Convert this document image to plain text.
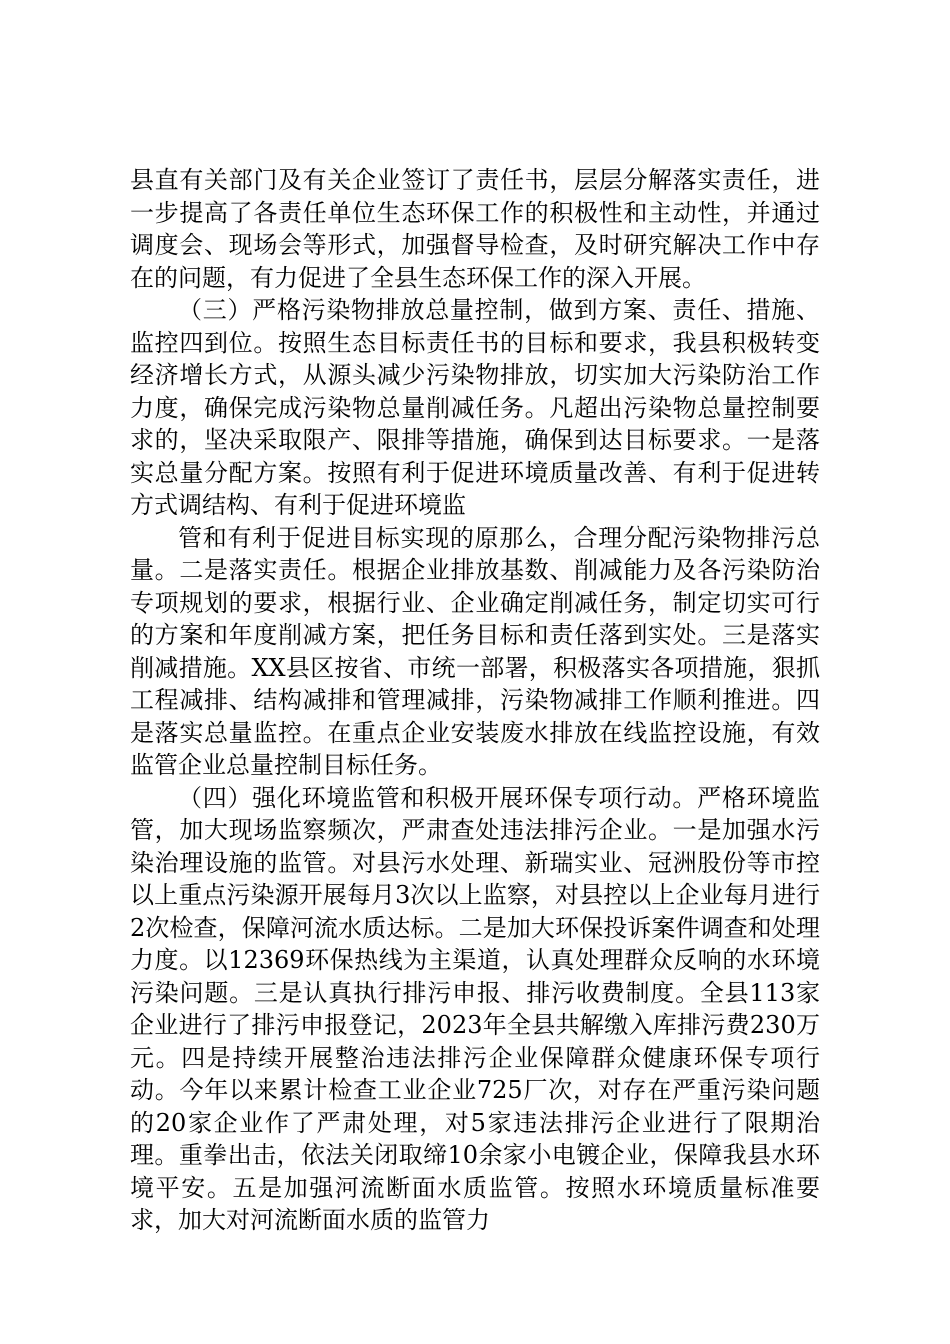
县直有关部门及有关企业签订了责任书，层层分解落实责任，进一步提高了各责任单位生态环保工作的积极性和主动性，并通过调度会、现场会等形式，加强督导检查，及时研究解决工作中存在的问题，有力促进了全县生态环保工作的深入开展。

（三）严格污染物排放总量控制，做到方案、责任、措施、监控四到位。按照生态目标责任书的目标和要求，我县积极转变经济增长方式，从源头减少污染物排放，切实加大污染防治工作力度，确保完成污染物总量削减任务。凡超出污染物总量控制要求的，坚决采取限产、限排等措施，确保到达目标要求。一是落实总量分配方案。按照有利于促进环境质量改善、有利于促进转方式调结构、有利于促进环境监

管和有利于促进目标实现的原那么，合理分配污染物排污总量。二是落实责任。根据企业排放基数、削减能力及各污染防治专项规划的要求，根据行业、企业确定削减任务，制定切实可行的方案和年度削减方案，把任务目标和责任落到实处。三是落实削减措施。XX县区按省、市统一部署，积极落实各项措施，狠抓工程减排、结构减排和管理减排，污染物减排工作顺利推进。四是落实总量监控。在重点企业安装废水排放在线监控设施，有效监管企业总量控制目标任务。

（四）强化环境监管和积极开展环保专项行动。严格环境监管，加大现场监察频次，严肃查处违法排污企业。一是加强水污染治理设施的监管。对县污水处理、新瑞实业、冠洲股份等市控以上重点污染源开展每月3次以上监察，对县控以上企业每月进行2次检查，保障河流水质达标。二是加大环保投诉案件调查和处理力度。以12369环保热线为主渠道，认真处理群众反响的水环境污染问题。三是认真执行排污申报、排污收费制度。全县113家企业进行了排污申报登记，2023年全县共解缴入库排污费230万元。四是持续开展整治违法排污企业保障群众健康环保专项行动。今年以来累计检查工业企业725厂次，对存在严重污染问题的20家企业作了严肃处理，对5家违法排污企业进行了限期治理。重拳出击，依法关闭取缔10余家小电镀企业，保障我县水环境平安。五是加强河流断面水质监管。按照水环境质量标准要求，加大对河流断面水质的监管力
